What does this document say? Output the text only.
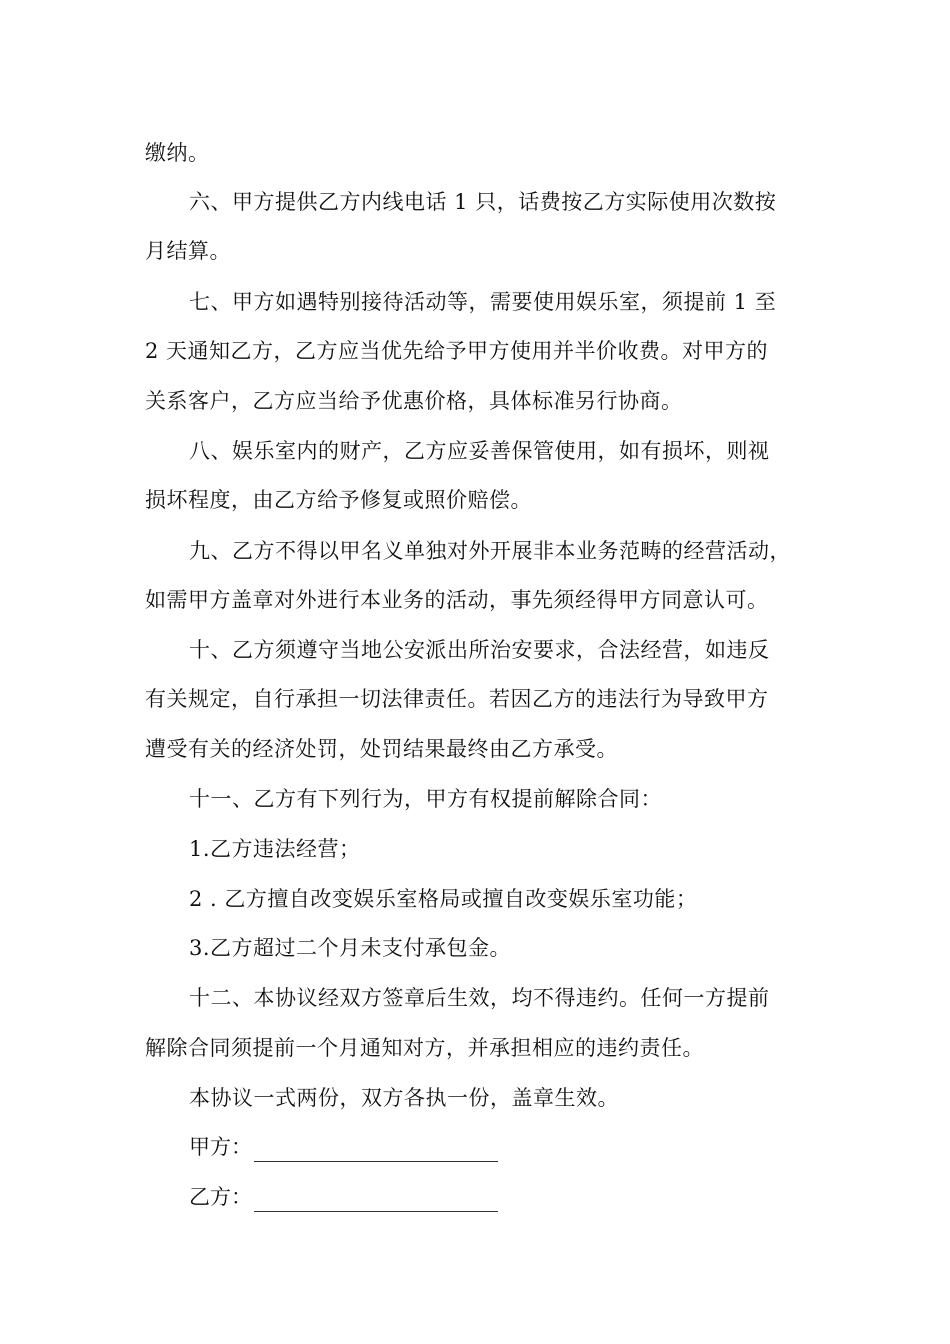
缴纳。
六、甲方提供乙方内线电话 1 只，话费按乙方实际使用次数按
月结算。
七、甲方如遇特别接待活动等，需要使用娱乐室，须提前 1 至
2 天通知乙方，乙方应当优先给予甲方使用并半价收费。对甲方的
关系客户，乙方应当给予优惠价格，具体标准另行协商。
八、娱乐室内的财产，乙方应妥善保管使用，如有损坏，则视
损坏程度，由乙方给予修复或照价赔偿。
九、乙方不得以甲名义单独对外开展非本业务范畴的经营活动，
如需甲方盖章对外进行本业务的活动，事先须经得甲方同意认可。
十、乙方须遵守当地公安派出所治安要求，合法经营，如违反
有关规定，自行承担一切法律责任。若因乙方的违法行为导致甲方
遭受有关的经济处罚，处罚结果最终由乙方承受。
十一、乙方有下列行为，甲方有权提前解除合同：
1.乙方违法经营；
2 . 乙方擅自改变娱乐室格局或擅自改变娱乐室功能；
3.乙方超过二个月未支付承包金。
十二、本协议经双方签章后生效，均不得违约。任何一方提前
解除合同须提前一个月通知对方，并承担相应的违约责任。
本协议一式两份，双方各执一份，盖章生效。
甲方：
乙方：
